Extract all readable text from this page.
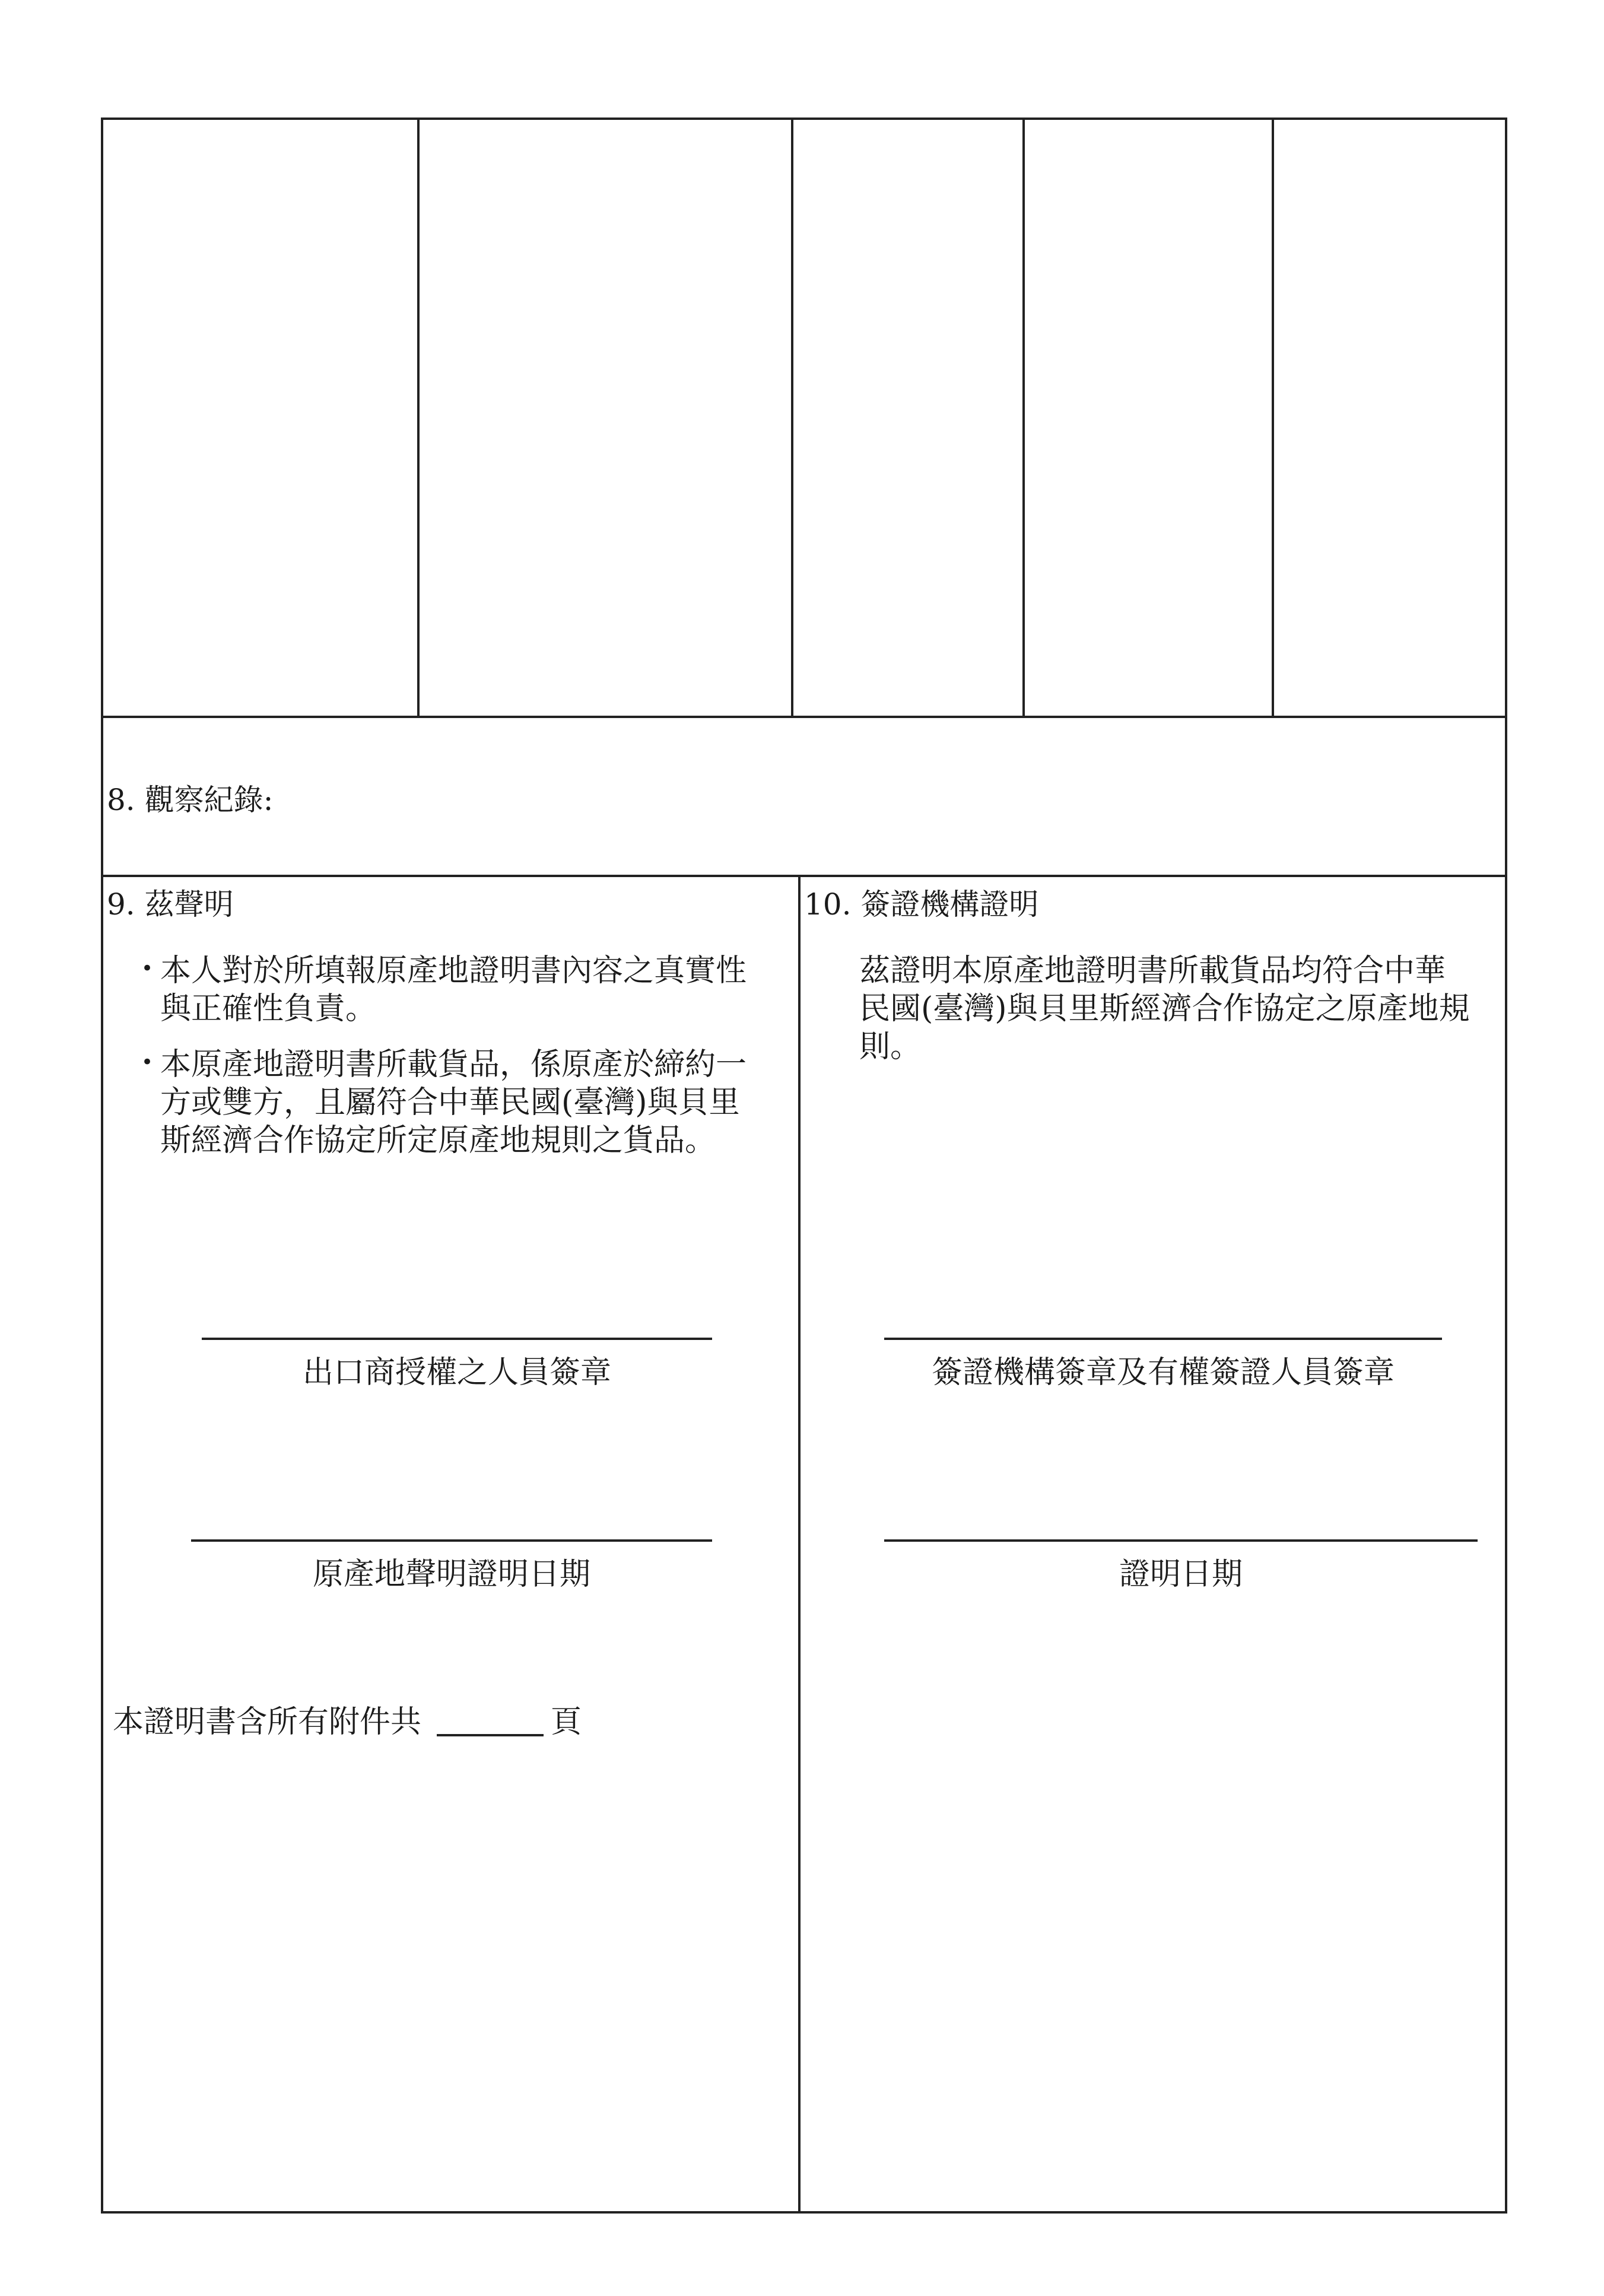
8. 觀察紀錄:
9. 茲聲明
• 本人對於所填報原產地證明書內容之真實性
與正確性負責。
• 本原產地證明書所載貨品，係原產於締約一
方或雙方，且屬符合中華民國(臺灣)與貝里
斯經濟合作協定所定原產地規則之貨品。
出口商授權之人員簽章
原產地聲明證明日期
本證明書含所有附件共	頁
10. 簽證機構證明
茲證明本原產地證明書所載貨品均符合中華
民國(臺灣)與貝里斯經濟合作協定之原產地規
則。
簽證機構簽章及有權簽證人員簽章
證明日期
